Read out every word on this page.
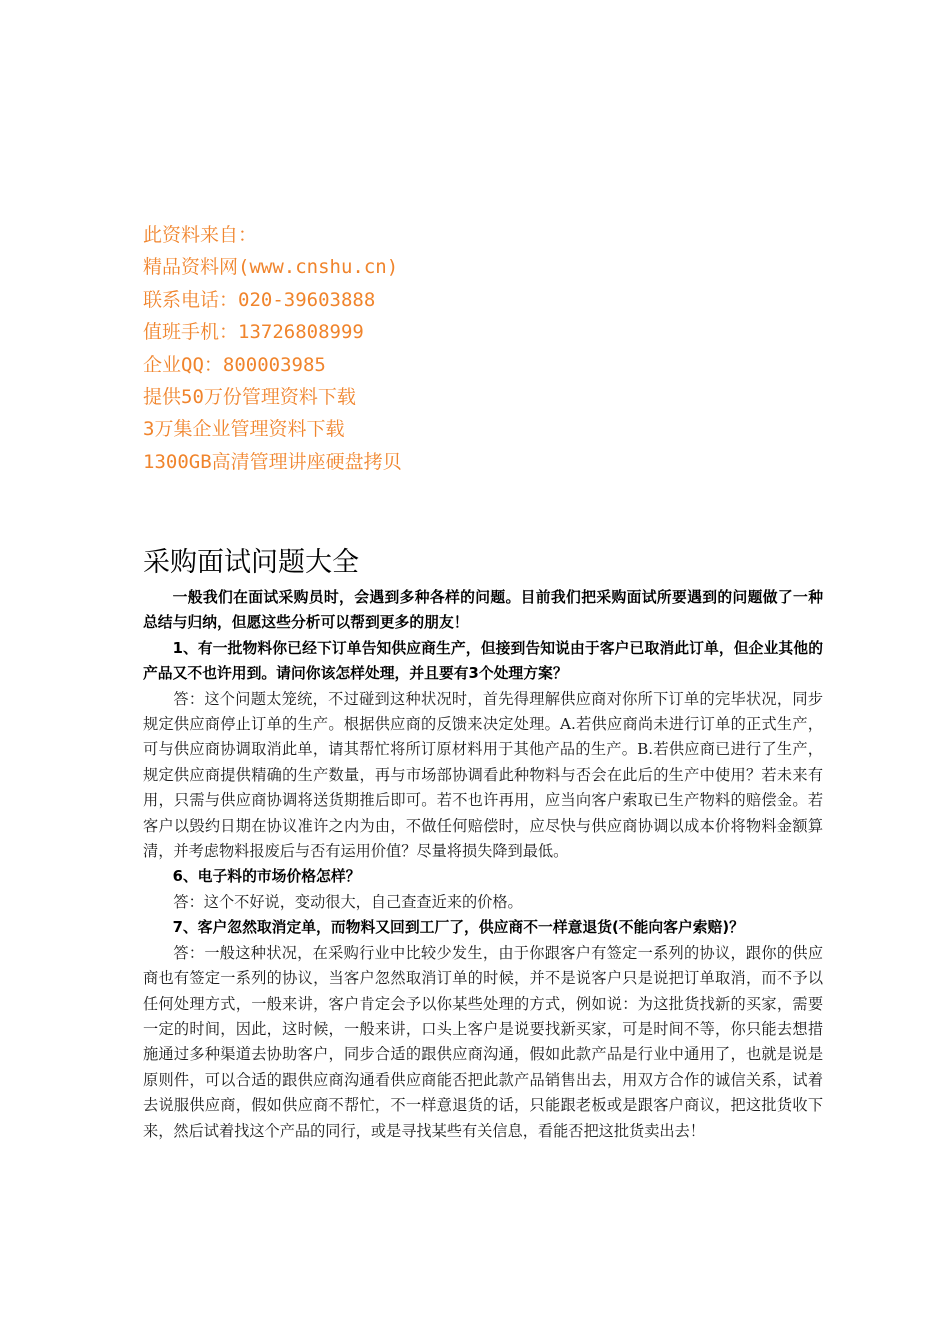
此资料来自：
精品资料网(www.cnshu.cn)
联系电话：020-39603888
值班手机：13726808999
企业QQ：800003985
提供50万份管理资料下载
3万集企业管理资料下载
1300GB高清管理讲座硬盘拷贝
采购面试问题大全

一般我们在面试采购员时，会遇到多种各样的问题。目前我们把采购面试所要遇到的问题做了一种总结与归纳，但愿这些分析可以帮到更多的朋友！

1、有一批物料你已经下订单告知供应商生产，但接到告知说由于客户已取消此订单，但企业其他的产品又不也许用到。请问你该怎样处理，并且要有3个处理方案？

答：这个问题太笼统，不过碰到这种状况时，首先得理解供应商对你所下订单的完毕状况，同步规定供应商停止订单的生产。根据供应商的反馈来决定处理。A.若供应商尚未进行订单的正式生产，可与供应商协调取消此单，请其帮忙将所订原材料用于其他产品的生产。B.若供应商已进行了生产，规定供应商提供精确的生产数量，再与市场部协调看此种物料与否会在此后的生产中使用？若未来有用，只需与供应商协调将送货期推后即可。若不也许再用，应当向客户索取已生产物料的赔偿金。若客户以毁约日期在协议准许之内为由，不做任何赔偿时，应尽快与供应商协调以成本价将物料金额算清，并考虑物料报废后与否有运用价值？尽量将损失降到最低。

6、电子料的市场价格怎样？

答：这个不好说，变动很大，自己查查近来的价格。

7、客户忽然取消定单，而物料又回到工厂了，供应商不一样意退货(不能向客户索赔)？

答：一般这种状况，在采购行业中比较少发生，由于你跟客户有签定一系列的协议，跟你的供应商也有签定一系列的协议，当客户忽然取消订单的时候，并不是说客户只是说把订单取消，而不予以任何处理方式，一般来讲，客户肯定会予以你某些处理的方式，例如说：为这批货找新的买家，需要一定的时间，因此，这时候，一般来讲，口头上客户是说要找新买家，可是时间不等，你只能去想措施通过多种渠道去协助客户，同步合适的跟供应商沟通，假如此款产品是行业中通用了，也就是说是原则件，可以合适的跟供应商沟通看供应商能否把此款产品销售出去，用双方合作的诚信关系，试着去说服供应商，假如供应商不帮忙，不一样意退货的话，只能跟老板或是跟客户商议，把这批货收下来，然后试着找这个产品的同行，或是寻找某些有关信息，看能否把这批货卖出去！
